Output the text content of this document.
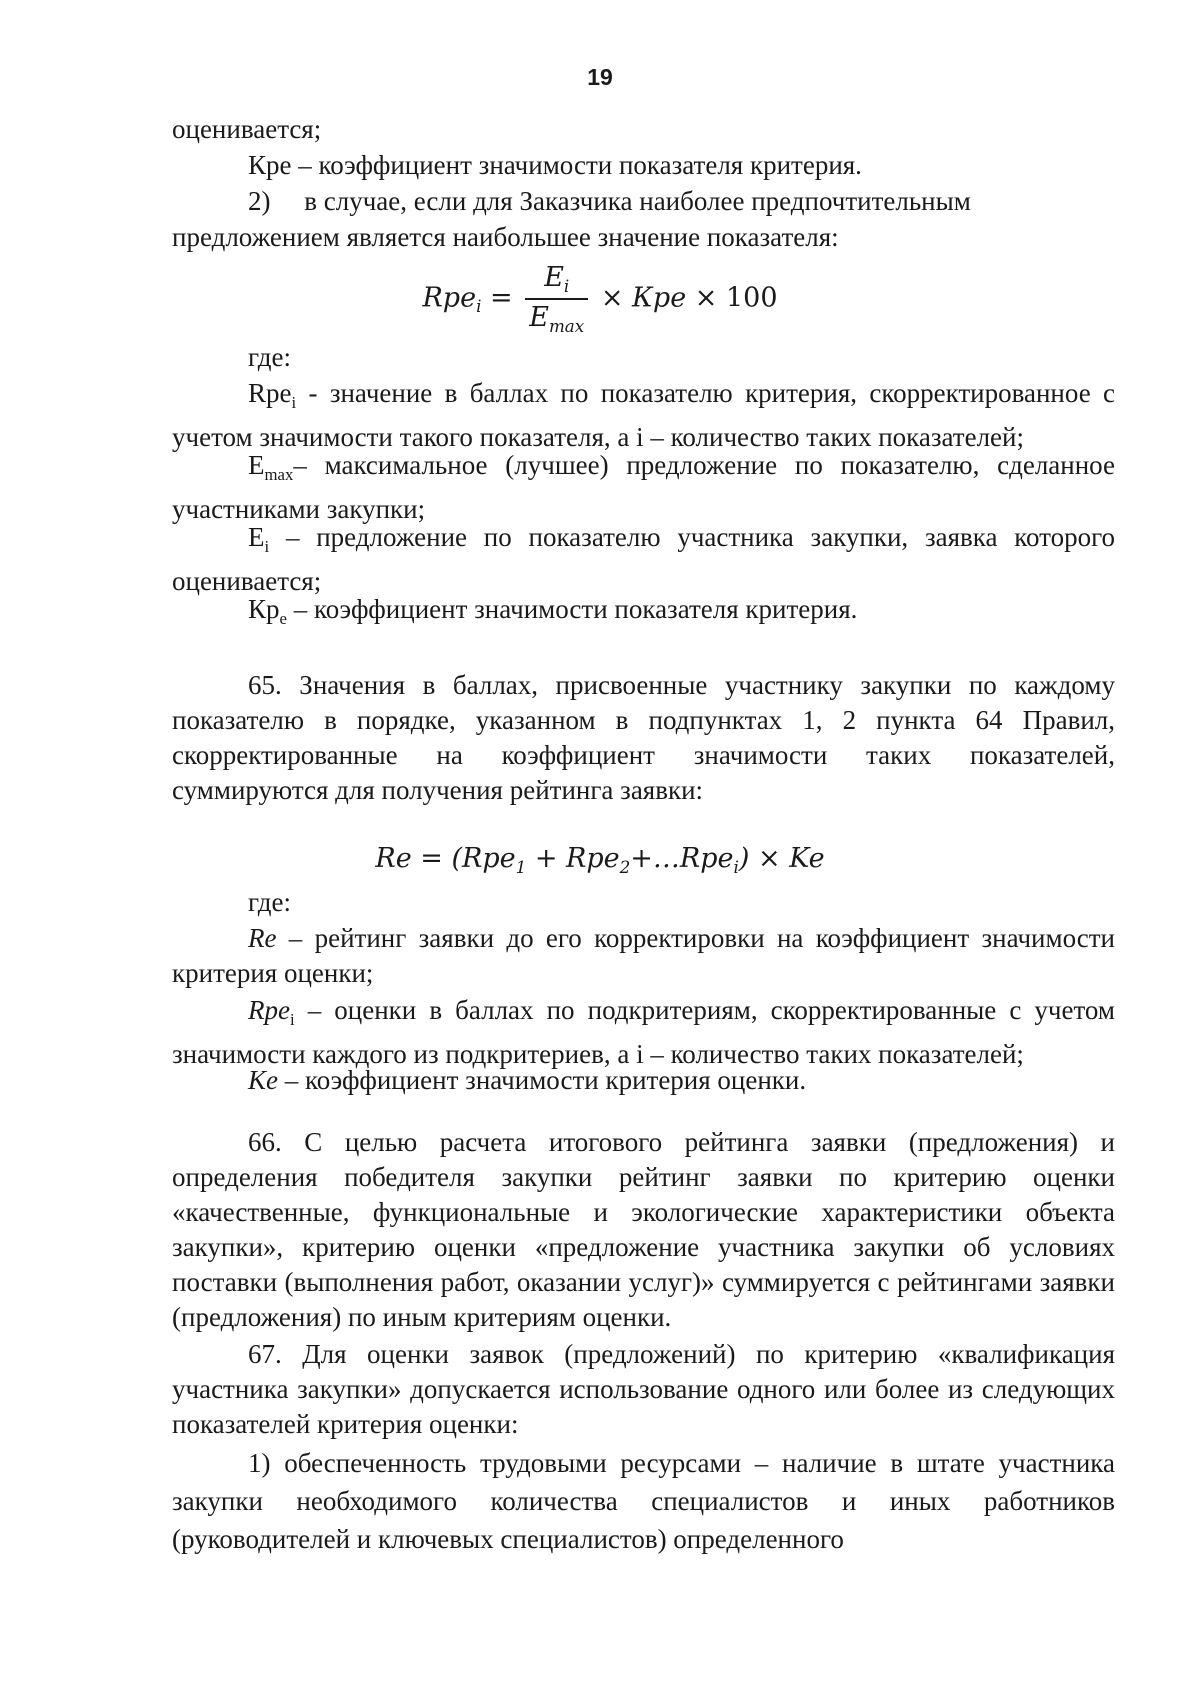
19
оценивается;
Кре – коэффициент значимости показателя критерия.
2) в случае, если для Заказчика наиболее предпочтительным
предложением является наибольшее значение показателя:
$Rpe_i = \frac{E_i}{E_{max}}$ × Кре × 100
где:
Rpe$_i$ - значение в баллах по показателю критерия, скорректированное с учетом значимости такого показателя, а i – количество таких показателей;
$E_{max}-$ максимальное (лучшее) предложение по показателю, сделанное участниками закупки;
$E_i$ – предложение по показателю участника закупки, заявка которого оценивается;
$Кр_е$ – коэффициент значимости показателя критерия.
65. Значения в баллах, присвоенные участнику закупки по каждому показателю в порядке, указанном в подпунктах 1, 2 пункта 64 Правил, скорректированные на коэффициент значимости таких показателей, суммируются для получения рейтинга заявки:
Re = (Rpe$_1$ + Rpe$_2$+…Rpe$_i$) × Ke
где:
Re – рейтинг заявки до его корректировки на коэффициент значимости критерия оценки;
Rpe$_i$ – оценки в баллах по подкритериям, скорректированные с учетом значимости каждого из подкритериев, а i – количество таких показателей;
Ke – коэффициент значимости критерия оценки.
66. С целью расчета итогового рейтинга заявки (предложения) и определения победителя закупки рейтинг заявки по критерию оценки «качественные, функциональные и экологические характеристики объекта закупки», критерию оценки «предложение участника закупки об условиях поставки (выполнения работ, оказании услуг)» суммируется с рейтингами заявки (предложения) по иным критериям оценки.
67. Для оценки заявок (предложений) по критерию «квалификация участника закупки» допускается использование одного или более из следующих показателей критерия оценки:
1) обеспеченность трудовыми ресурсами – наличие в штате участника закупки необходимого количества специалистов и иных работников (руководителей и ключевых специалистов) определенного
